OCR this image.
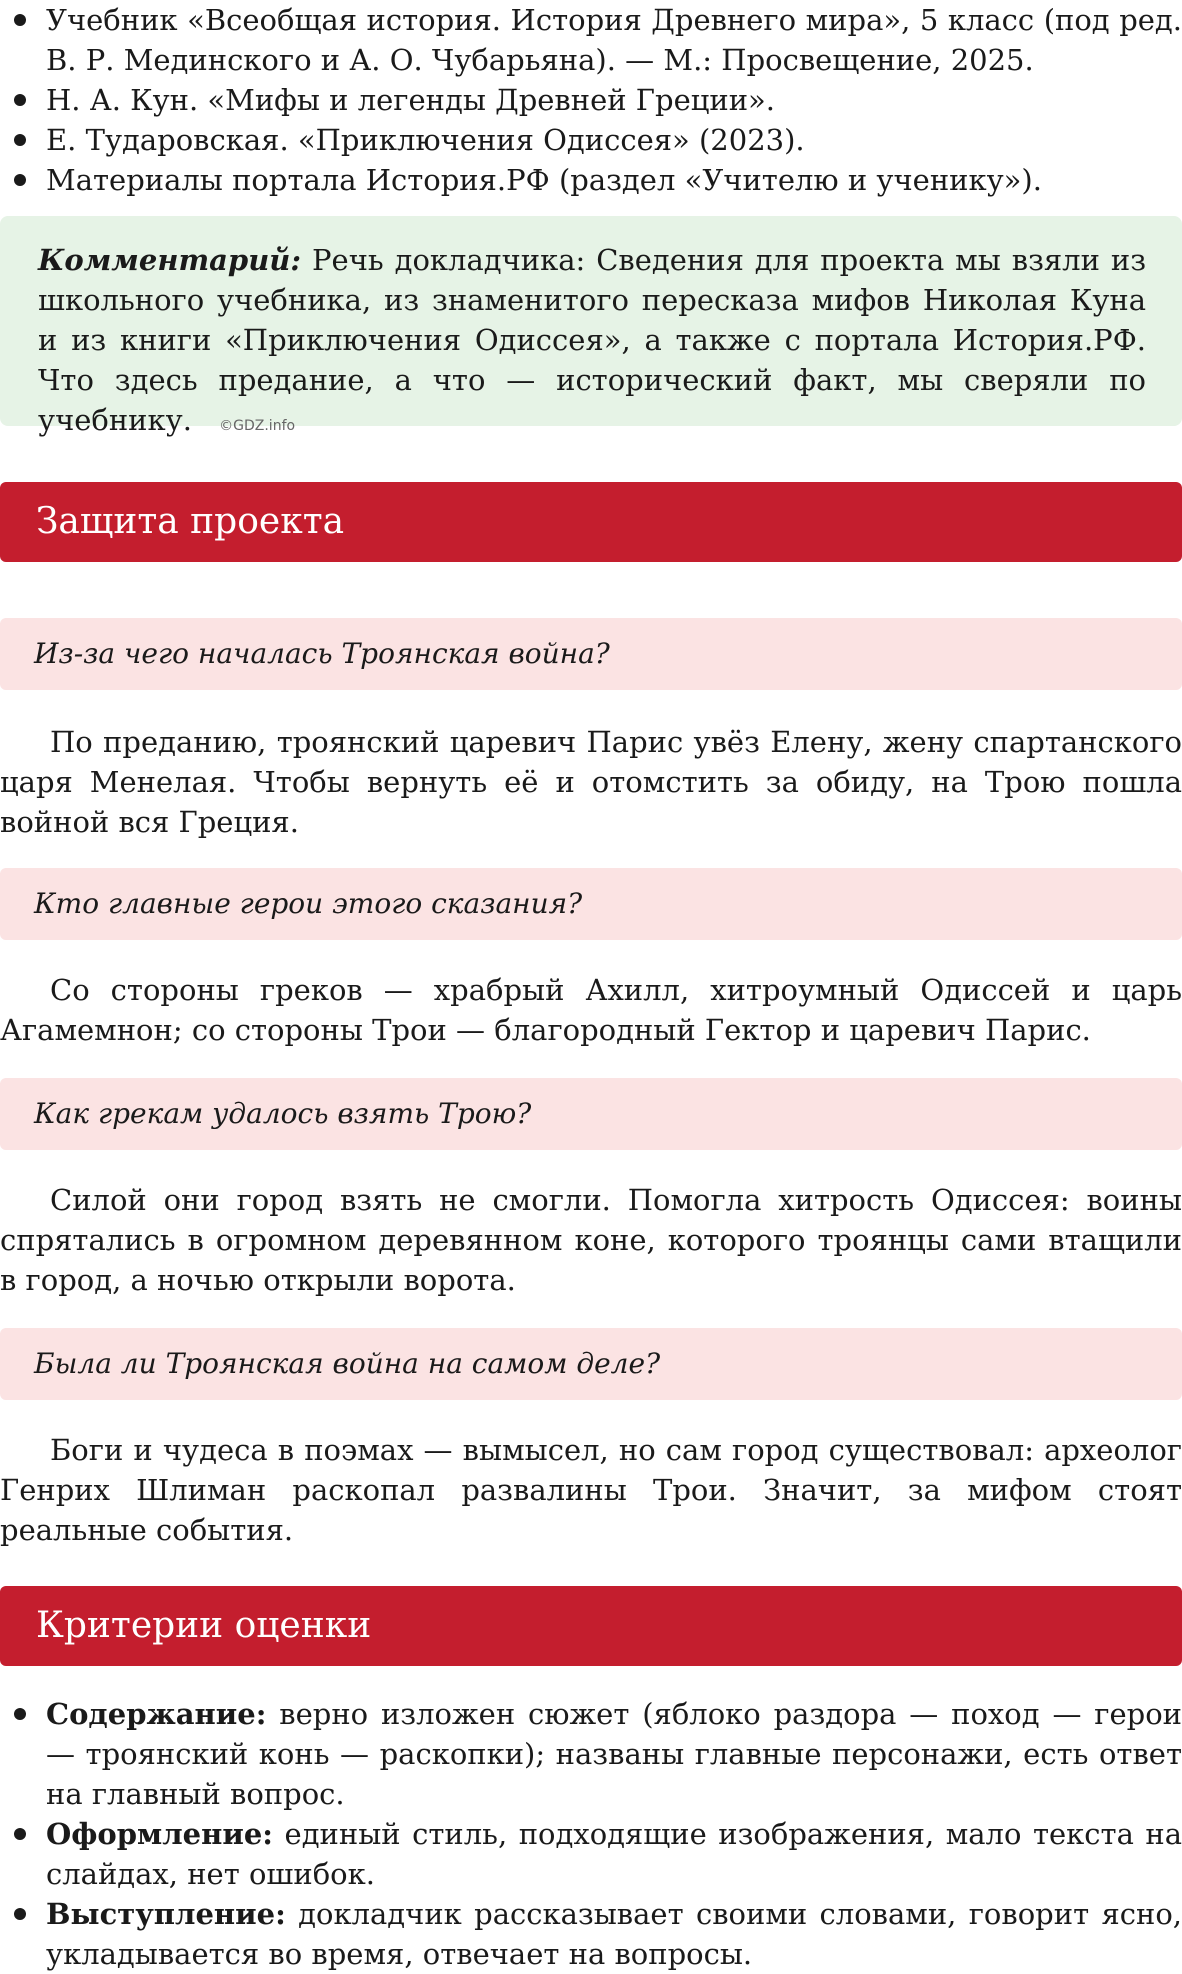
Учебник «Всеобщая история. История Древнего мира», 5 класс (под ред. В. Р. Мединского и А. О. Чубарьяна). — М.: Просвещение, 2025.
Н. А. Кун. «Мифы и легенды Древней Греции».
Е. Тударовская. «Приключения Одиссея» (2023).
Материалы портала История.РФ (раздел «Учителю и ученику»).
Комментарий: Речь докладчика: Сведения для проекта мы взяли из школьного учебника, из знаменитого пересказа мифов Николая Куна и из книги «Приключения Одиссея», а также с портала История.РФ. Что здесь предание, а что — исторический факт, мы сверяли по учебнику. ©GDZ.info
Защита проекта
Из-за чего началась Троянская война?

По преданию, троянский царевич Парис увёз Елену, жену спартанского царя Менелая. Чтобы вернуть её и отомстить за обиду, на Трою пошла войной вся Греция.

Кто главные герои этого сказания?

Со стороны греков — храбрый Ахилл, хитроумный Одиссей и царь Агамемнон; со стороны Трои — благородный Гектор и царевич Парис.

Как грекам удалось взять Трою?

Силой они город взять не смогли. Помогла хитрость Одиссея: воины спрятались в огромном деревянном коне, которого троянцы сами втащили в город, а ночью открыли ворота.

Была ли Троянская война на самом деле?

Боги и чудеса в поэмах — вымысел, но сам город существовал: археолог Генрих Шлиман раскопал развалины Трои. Значит, за мифом стоят реальные события.

Критерии оценки
Содержание: верно изложен сюжет (яблоко раздора — поход — герои — троянский конь — раскопки); названы главные персонажи, есть ответ на главный вопрос.
Оформление: единый стиль, подходящие изображения, мало текста на слайдах, нет ошибок.
Выступление: докладчик рассказывает своими словами, говорит ясно, укладывается во время, отвечает на вопросы.
